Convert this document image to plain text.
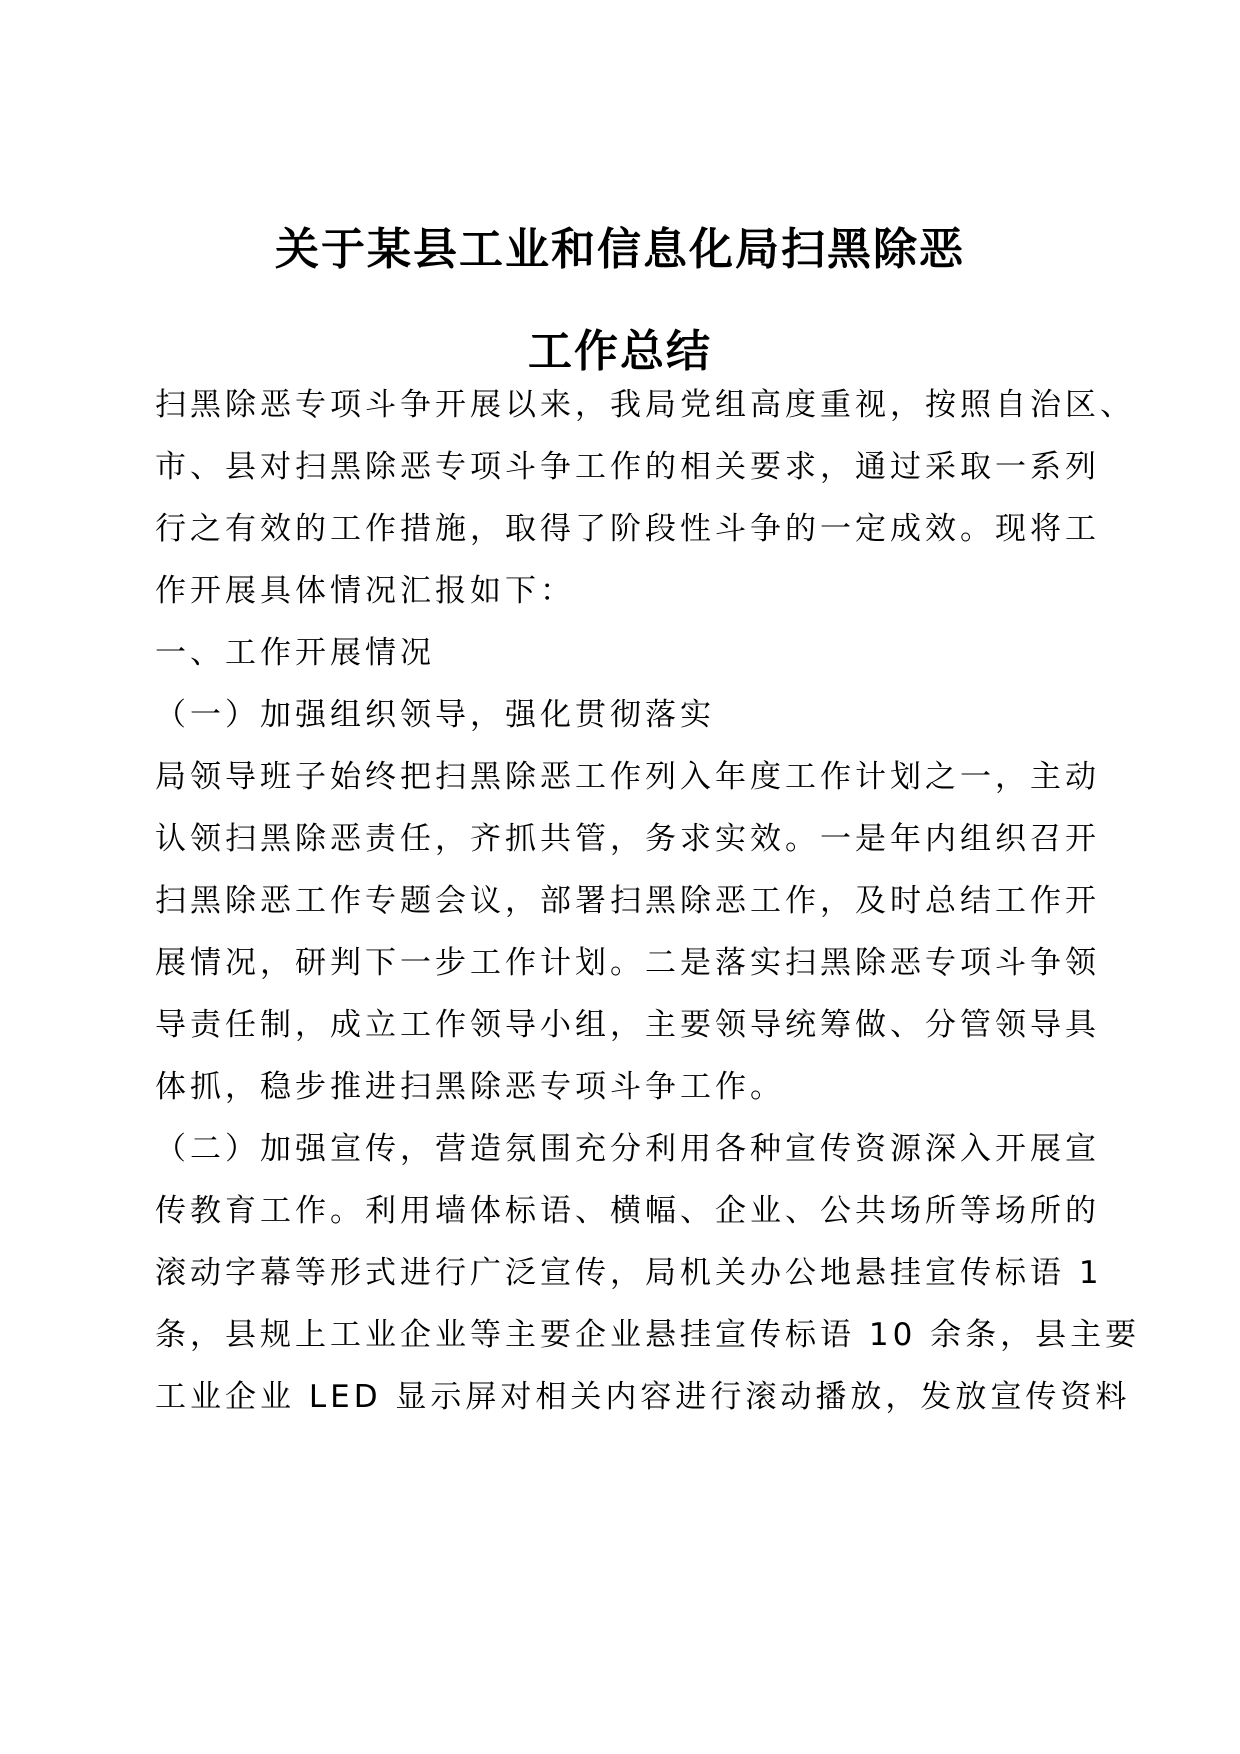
关于某县工业和信息化局扫黑除恶
工作总结

扫黑除恶专项斗争开展以来，我局党组高度重视，按照自治区、

市、县对扫黑除恶专项斗争工作的相关要求，通过采取一系列

行之有效的工作措施，取得了阶段性斗争的一定成效。现将工

作开展具体情况汇报如下：

一、工作开展情况

（一）加强组织领导，强化贯彻落实

局领导班子始终把扫黑除恶工作列入年度工作计划之一，主动

认领扫黑除恶责任，齐抓共管，务求实效。一是年内组织召开

扫黑除恶工作专题会议，部署扫黑除恶工作，及时总结工作开

展情况，研判下一步工作计划。二是落实扫黑除恶专项斗争领

导责任制，成立工作领导小组，主要领导统筹做、分管领导具

体抓，稳步推进扫黑除恶专项斗争工作。

（二）加强宣传，营造氛围充分利用各种宣传资源深入开展宣

传教育工作。利用墙体标语、横幅、企业、公共场所等场所的

滚动字幕等形式进行广泛宣传，局机关办公地悬挂宣传标语 1

条，县规上工业企业等主要企业悬挂宣传标语 10 余条，县主要

工业企业 LED 显示屏对相关内容进行滚动播放，发放宣传资料
